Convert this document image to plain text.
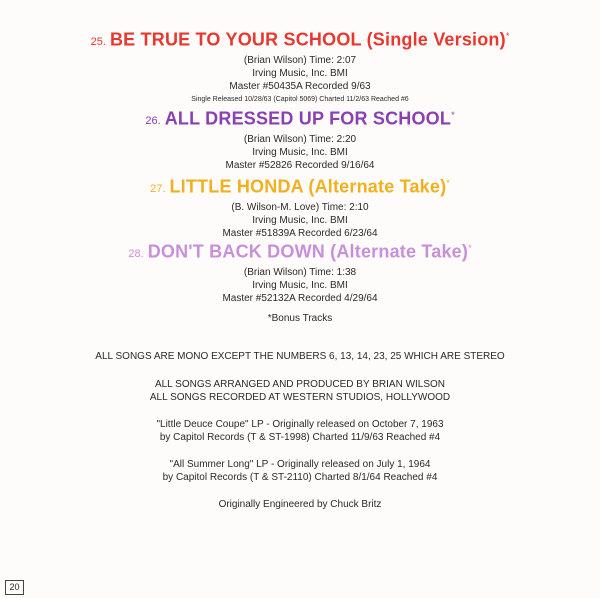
25. BE TRUE TO YOUR SCHOOL (Single Version)*
(Brian Wilson) Time: 2:07
Irving Music, Inc. BMI
Master #50435A Recorded 9/63
Single Released 10/28/63 (Capitol 5069) Charted 11/2/63 Reached #6
26. ALL DRESSED UP FOR SCHOOL*
(Brian Wilson) Time: 2:20
Irving Music, Inc. BMI
Master #52826 Recorded 9/16/64
27. LITTLE HONDA (Alternate Take)*
(B. Wilson-M. Love) Time: 2:10
Irving Music, Inc. BMI
Master #51839A Recorded 6/23/64
28. DON'T BACK DOWN (Alternate Take)*
(Brian Wilson) Time: 1:38
Irving Music, Inc. BMI
Master #52132A Recorded 4/29/64

*Bonus Tracks

ALL SONGS ARE MONO EXCEPT THE NUMBERS 6, 13, 14, 23, 25 WHICH ARE STEREO

ALL SONGS ARRANGED AND PRODUCED BY BRIAN WILSON

ALL SONGS RECORDED AT WESTERN STUDIOS, HOLLYWOOD

"Little Deuce Coupe" LP - Originally released on October 7, 1963

by Capitol Records (T & ST-1998) Charted 11/9/63 Reached #4

"All Summer Long" LP - Originally released on July 1, 1964

by Capitol Records (T & ST-2110) Charted 8/1/64 Reached #4

Originally Engineered by Chuck Britz

20
